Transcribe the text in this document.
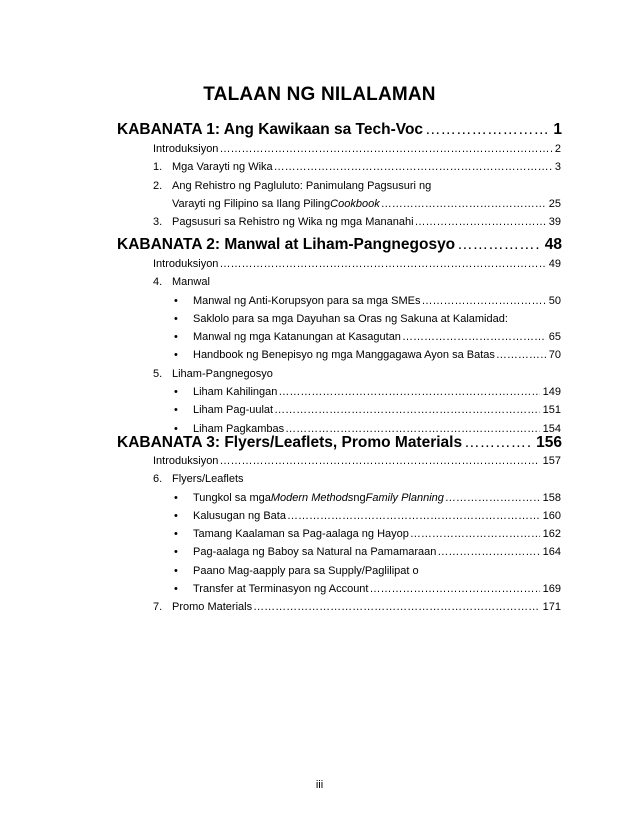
TALAAN NG NILALAMAN
KABANATA 1: Ang Kawikaan sa Tech-Voc ………………………………………………………………………………………………………………………………	1
Introduksiyon ………………………………………………………………………………………………………………………………………………………	2
1. Mga Varayti ng Wika ………………………………………………………………………………………………………………………………………………………	3
2. Ang Rehistro ng Pagluluto: Panimulang Pagsusuri ng
Varayti ng Filipino sa Ilang Piling Cookbook ………………………………………………………………………………………………………………………………………………………	25
3. Pagsusuri sa Rehistro ng Wika ng mga Mananahi ………………………………………………………………………………………………………………………………………………………	39
KABANATA 2: Manwal at Liham-Pangnegosyo ………………………………………………………………………………………………………………………………	48
Introduksiyon ………………………………………………………………………………………………………………………………………………………	49
4. Manwal
•	Manwal ng Anti-Korupsyon para sa mga SMEs ………………………………………………………………………………………………………………………………………………………	50
•	Saklolo para sa mga Dayuhan sa Oras ng Sakuna at Kalamidad:
•	Manwal ng mga Katanungan at Kasagutan ………………………………………………………………………………………………………………………………………………………	65
•	Handbook ng Benepisyo ng mga Manggagawa Ayon sa Batas ………………………………………………………………………………………………………………………………………………………	70
5. Liham-Pangnegosyo
•	Liham Kahilingan ………………………………………………………………………………………………………………………………………………………	149
•	Liham Pag-uulat ………………………………………………………………………………………………………………………………………………………	151
•	Liham Pagkambas ………………………………………………………………………………………………………………………………………………………	154
KABANATA 3: Flyers/Leaflets, Promo Materials ………………………………………………………………………………………………………………………………	156
Introduksiyon ………………………………………………………………………………………………………………………………………………………	157
6. Flyers/Leaflets
•	Tungkol sa mga Modern Methods ng Family Planning ………………………………………………………………………………………………………………………………………………………	158
•	Kalusugan ng Bata ………………………………………………………………………………………………………………………………………………………	160
•	Tamang Kaalaman sa Pag-aalaga ng Hayop ………………………………………………………………………………………………………………………………………………………	162
•	Pag-aalaga ng Baboy sa Natural na Pamamaraan ………………………………………………………………………………………………………………………………………………………	164
•	Paano Mag-aapply para sa Supply/Paglilipat o
•	Transfer at Terminasyon ng Account ………………………………………………………………………………………………………………………………………………………	169
7. Promo Materials ………………………………………………………………………………………………………………………………………………………	171
iii
